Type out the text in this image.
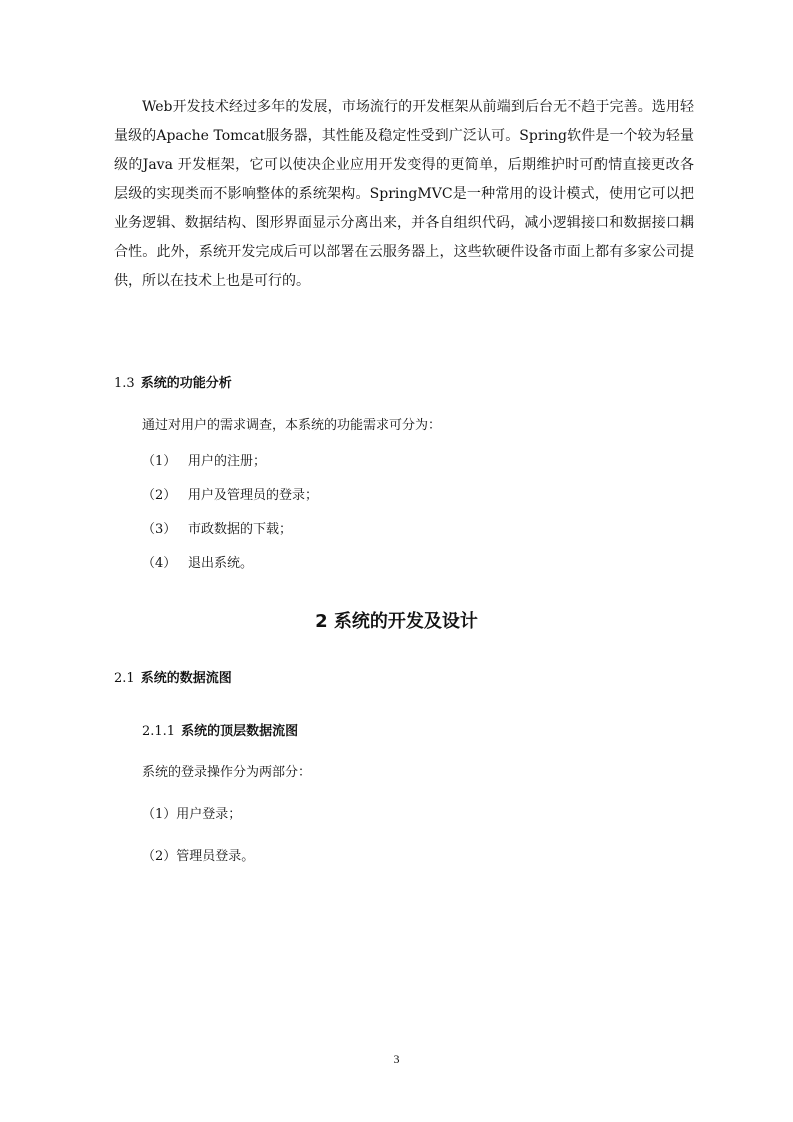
Web开发技术经过多年的发展，市场流行的开发框架从前端到后台无不趋于完善。选用轻量级的Apache Tomcat服务器，其性能及稳定性受到广泛认可。Spring软件是一个较为轻量级的Java 开发框架，它可以使决企业应用开发变得的更简单，后期维护时可酌情直接更改各层级的实现类而不影响整体的系统架构。SpringMVC是一种常用的设计模式，使用它可以把业务逻辑、数据结构、图形界面显示分离出来，并各自组织代码，减小逻辑接口和数据接口耦合性。此外，系统开发完成后可以部署在云服务器上，这些软硬件设备市面上都有多家公司提供，所以在技术上也是可行的。

1.3 系统的功能分析
通过对用户的需求调查，本系统的功能需求可分为：
（1） 用户的注册；
（2） 用户及管理员的登录；
（3） 市政数据的下载；
（4） 退出系统。
2 系统的开发及设计
2.1 系统的数据流图
2.1.1 系统的顶层数据流图
系统的登录操作分为两部分：
（1）用户登录；
（2）管理员登录。
3
